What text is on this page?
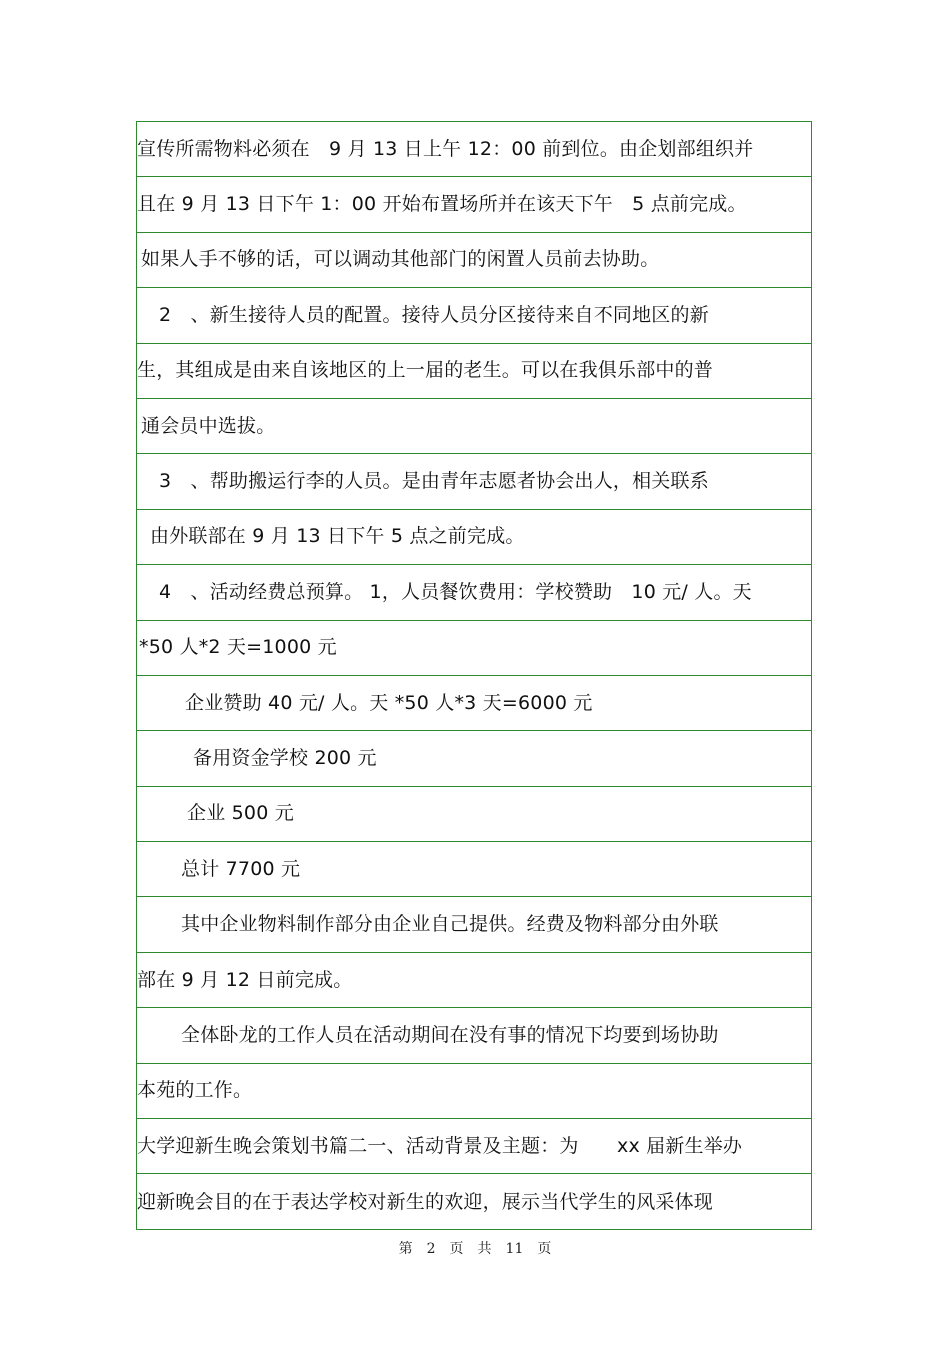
宣传所需物料必须在　9 月 13 日上午 12：00 前到位。由企划部组织并
且在 9 月 13 日下午 1：00 开始布置场所并在该天下午　5 点前完成。
如果人手不够的话，可以调动其他部门的闲置人员前去协助。
2　、新生接待人员的配置。接待人员分区接待来自不同地区的新
生，其组成是由来自该地区的上一届的老生。可以在我俱乐部中的普
通会员中选拔。
3　、帮助搬运行李的人员。是由青年志愿者协会出人，相关联系
由外联部在 9 月 13 日下午 5 点之前完成。
4　、活动经费总预算。 1，人员餐饮费用：学校赞助　10 元/ 人。天
*50 人*2 天=1000 元
企业赞助 40 元/ 人。天 *50 人*3 天=6000 元
备用资金学校 200 元
企业 500 元
总计 7700 元
其中企业物料制作部分由企业自己提供。经费及物料部分由外联
部在 9 月 12 日前完成。
全体卧龙的工作人员在活动期间在没有事的情况下均要到场协助
本苑的工作。
大学迎新生晚会策划书篇二一、活动背景及主题：为　　xx 届新生举办
迎新晚会目的在于表达学校对新生的欢迎，展示当代学生的风采体现
第　2　页　共　11　页
